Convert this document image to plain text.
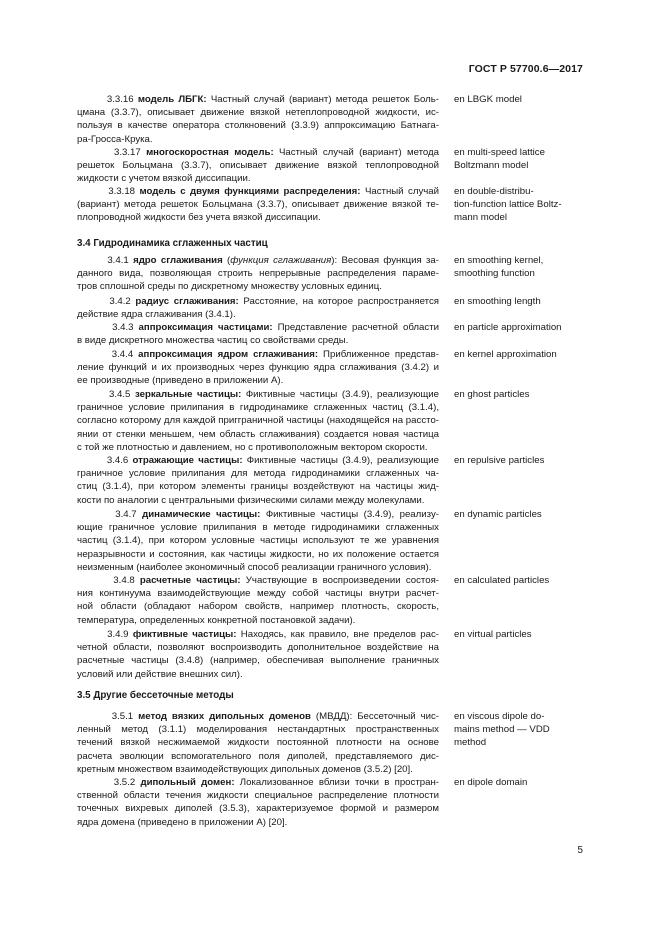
ГОСТ Р 57700.6—2017
3.3.16 модель ЛБГК: Частный случай (вариант) метода решеток Боль-
цмана (3.3.7), описывает движение вязкой нетеплопроводной жидкости, ис-
пользуя в качестве оператора столкновений (3.3.9) аппроксимацию Батнага-
ра-Гросса-Крука.
en LBGK model
3.3.17 многоскоростная модель: Частный случай (вариант) метода
решеток Больцмана (3.3.7), описывает движение вязкой теплопроводной
жидкости с учетом вязкой диссипации.
en multi-speed lattice
Boltzmann model
3.3.18 модель с двумя функциями распределения: Частный случай
(вариант) метода решеток Больцмана (3.3.7), описывает движение вязкой те-
плопроводной жидкости без учета вязкой диссипации.
en double-distribu-
tion-function lattice Boltz-
mann model
3.4.1 ядро сглаживания (функция сглаживания): Весовая функция за-
данного вида, позволяющая строить непрерывные распределения параме-
тров сплошной среды по дискретному множеству условных единиц.
en smoothing kernel,
smoothing function
3.4.2 радиус сглаживания: Расстояние, на которое распространяется
действие ядра сглаживания (3.4.1).
en smoothing length
3.4.3 аппроксимация частицами: Представление расчетной области
в виде дискретного множества частиц со свойствами среды.
en particle approximation
3.4.4 аппроксимация ядром сглаживания: Приближенное представ-
ление функций и их производных через функцию ядра сглаживания (3.4.2) и
ее производные (приведено в приложении А).
en kernel approximation
3.4.5 зеркальные частицы: Фиктивные частицы (3.4.9), реализующие
граничное условие прилипания в гидродинамике сглаженных частиц (3.1.4),
согласно которому для каждой пригграничной частицы (находящейся на рассто-
янии от стенки меньшем, чем область сглаживания) создается новая частица
с той же плотностью и давлением, но с противоположным вектором скорости.
en ghost particles
3.4.6 отражающие частицы: Фиктивные частицы (3.4.9), реализующие
граничное условие прилипания для метода гидродинамики сглаженных ча-
стиц (3.1.4), при котором элементы границы воздействуют на частицы жид-
кости по аналогии с центральными физическими силами между молекулами.
en repulsive particles
3.4.7 динамические частицы: Фиктивные частицы (3.4.9), реализу-
ющие граничное условие прилипания в методе гидродинамики сглаженных
частиц (3.1.4), при котором условные частицы используют те же уравнения
неразрывности и состояния, как частицы жидкости, но их положение остается
неизменным (наиболее экономичный способ реализации граничного условия).
en dynamic particles
3.4.8 расчетные частицы: Участвующие в воспроизведении состоя-
ния континуума взаимодействующие между собой частицы внутри расчет-
ной области (обладают набором свойств, например плотность, скорость,
температура, определенных конкретной постановкой задачи).
en calculated particles
3.4.9 фиктивные частицы: Находясь, как правило, вне пределов рас-
четной области, позволяют воспроизводить дополнительное воздействие на
расчетные частицы (3.4.8) (например, обеспечивая выполнение граничных
условий или действие внешних сил).
en virtual particles
3.5.1 метод вязких дипольных доменов (МВДД): Бессеточный чис-
ленный метод (3.1.1) моделирования нестандартных пространственных
течений вязкой несжимаемой жидкости постоянной плотности на основе
расчета эволюции вспомогательного поля диполей, представляемого дис-
кретным множеством взаимодействующих дипольных доменов (3.5.2) [20].
en viscous dipole do-
mains method — VDD
method
3.5.2 дипольный домен: Локализованное вблизи точки в простран-
ственной области течения жидкости специальное распределение плотности
точечных вихревых диполей (3.5.3), характеризуемое формой и размером
ядра домена (приведено в приложении А) [20].
en dipole domain
3.4 Гидродинамика сглаженных частиц
3.5 Другие бессеточные методы
5
